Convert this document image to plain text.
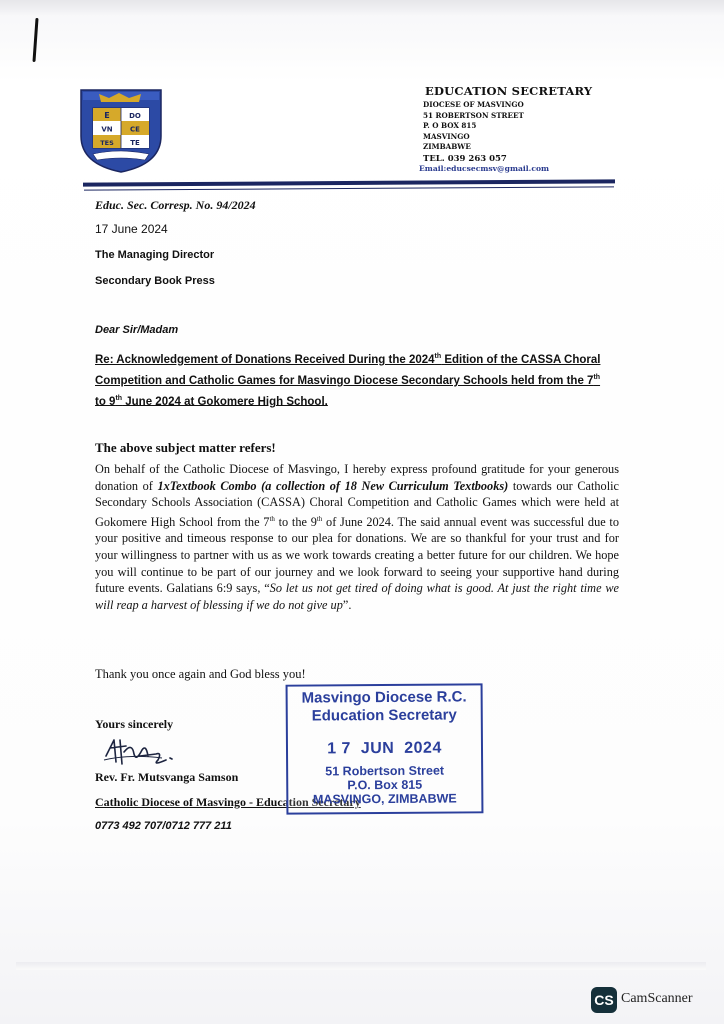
E	DO
VN CE
TES TE
EDUCATION SECRETARY
DIOCESE OF MASVINGO
51 ROBERTSON STREET
P. O BOX 815
MASVINGO
ZIMBABWE
TEL. 039 263 057
Email:educsecmsv@gmail.com
Educ. Sec. Corresp. No. 94/2024
17 June 2024
The Managing Director
Secondary Book Press
Dear Sir/Madam
Re: Acknowledgement of Donations Received During the 2024th Edition of the CASSA Choral Competition and Catholic Games for Masvingo Diocese Secondary Schools held from the 7th to 9th June 2024 at Gokomere High School.
The above subject matter refers!
On behalf of the Catholic Diocese of Masvingo, I hereby express profound gratitude for your generous donation of 1xTextbook Combo (a collection of 18 New Curriculum Textbooks) towards our Catholic Secondary Schools Association (CASSA) Choral Competition and Catholic Games which were held at Gokomere High School from the 7th to the 9th of June 2024. The said annual event was successful due to your positive and timeous response to our plea for donations. We are so thankful for your trust and for your willingness to partner with us as we work towards creating a better future for our children. We hope you will continue to be part of our journey and we look forward to seeing your supportive hand during future events. Galatians 6:9 says, “So let us not get tired of doing what is good. At just the right time we will reap a harvest of blessing if we do not give up”.
Thank you once again and God bless you!
Yours sincerely
Rev. Fr. Mutsvanga Samson
Catholic Diocese of Masvingo - Education Secretary
0773 492 707/0712 777 211
Masvingo Diocese R.C.
Education Secretary
1 7  JUN  2024
51 Robertson Street
P.O. Box 815
MASVINGO, ZIMBABWE
CS CamScanner
